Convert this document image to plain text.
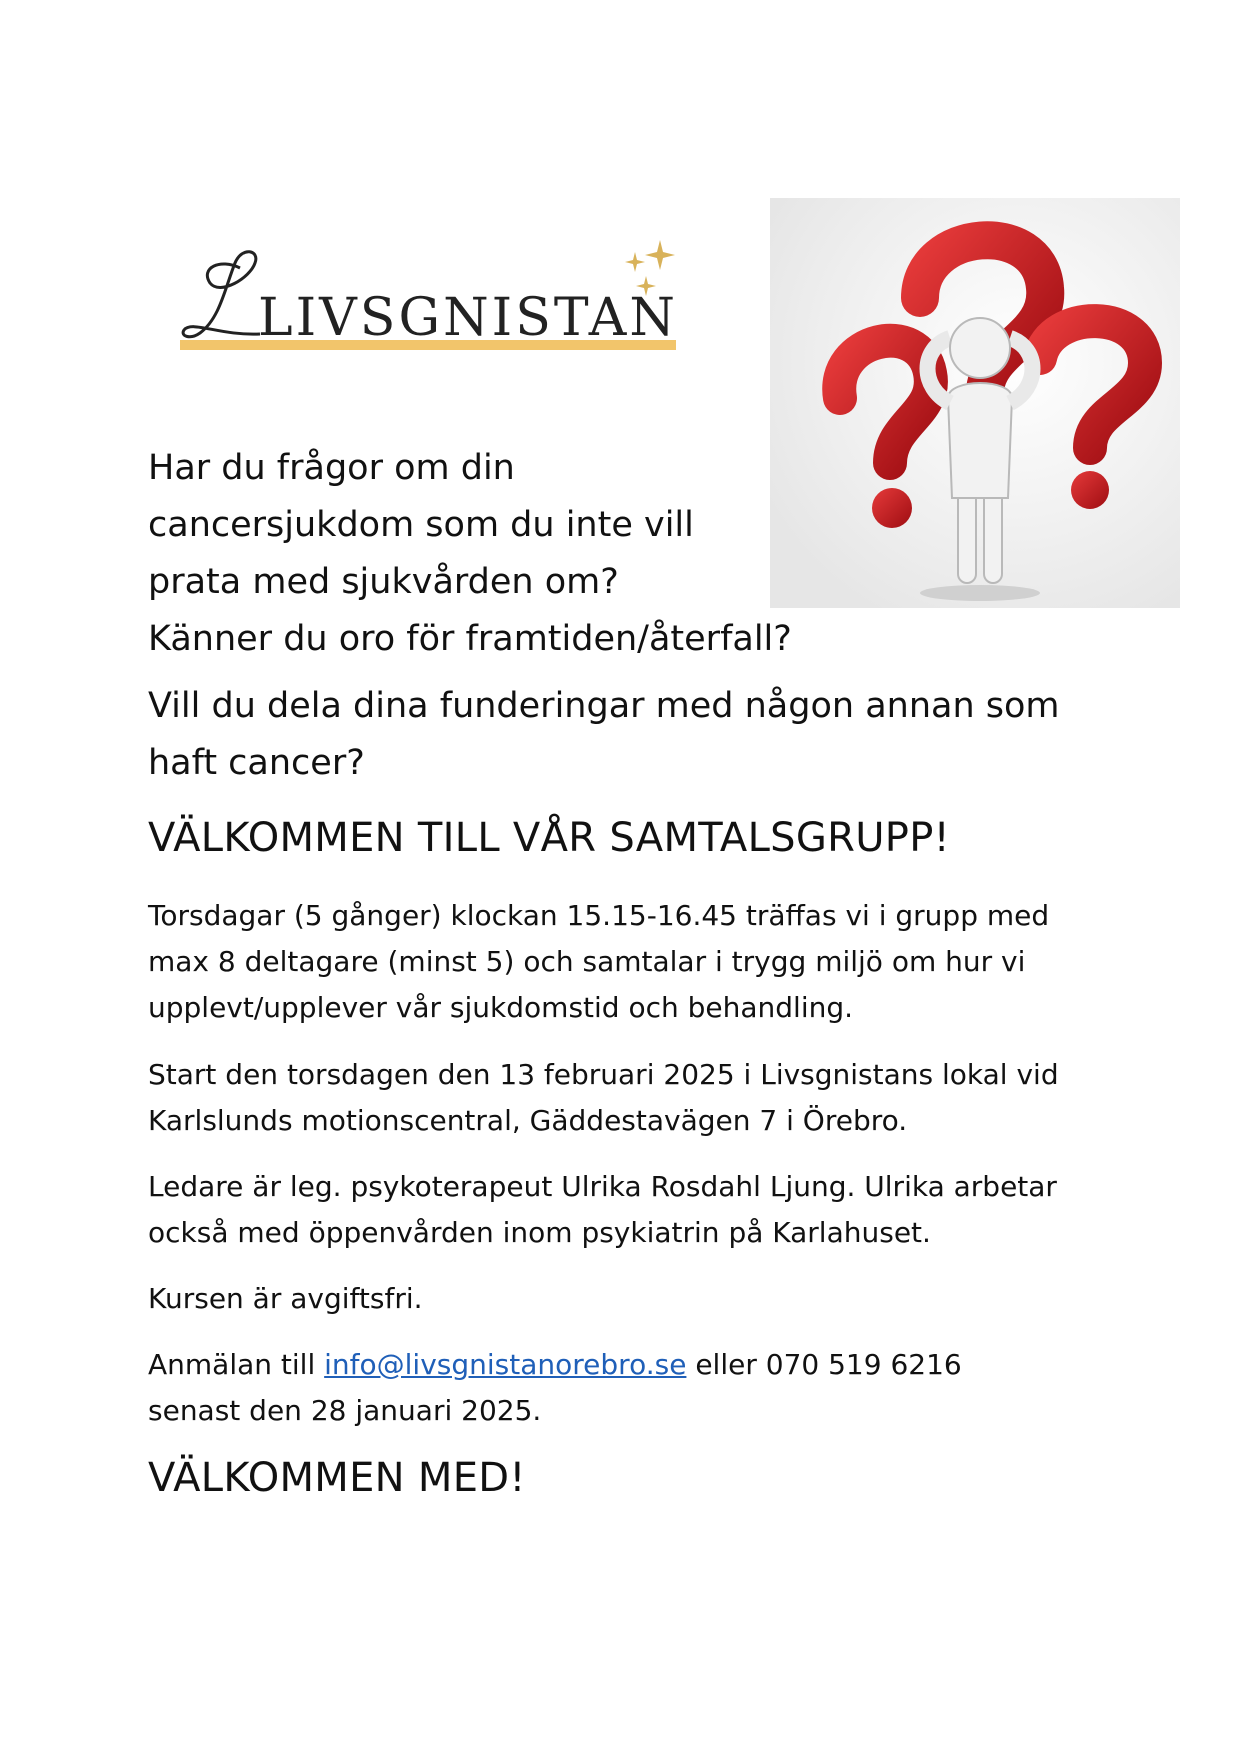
LIVSGNISTAN
Har du frågor om din
cancersjukdom som du inte vill
prata med sjukvården om?
Känner du oro för framtiden/återfall?

Vill du dela dina funderingar med någon annan som haft cancer?

VÄLKOMMEN TILL VÅR SAMTALSGRUPP!

Torsdagar (5 gånger) klockan 15.15-16.45 träffas vi i grupp med max 8 deltagare (minst 5) och samtalar i trygg miljö om hur vi upplevt/upplever vår sjukdomstid och behandling.

Start den torsdagen den 13 februari 2025 i Livsgnistans lokal vid Karlslunds motionscentral, Gäddestavägen 7 i Örebro.

Ledare är leg. psykoterapeut Ulrika Rosdahl Ljung. Ulrika arbetar också med öppenvården inom psykiatrin på Karlahuset.

Kursen är avgiftsfri.

Anmälan till info@livsgnistanorebro.se eller 070 519 6216
senast den 28 januari 2025.

VÄLKOMMEN MED!
